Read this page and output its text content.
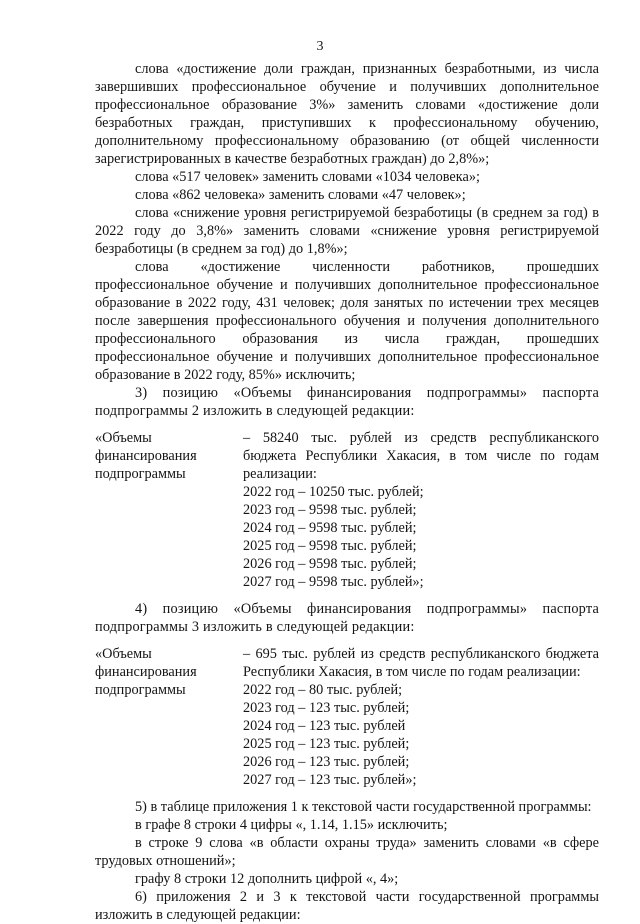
3

слова «достижение доли граждан, признанных безработными, из числа завершивших профессиональное обучение и получивших дополнительное профессиональное образование 3%» заменить словами «достижение доли безработных граждан, приступивших к профессиональному обучению, дополнительному профессиональному образованию (от общей численности зарегистрированных в качестве безработных граждан) до 2,8%»;

слова «517 человек» заменить словами «1034 человека»;

слова «862 человека» заменить словами «47 человек»;

слова «снижение уровня регистрируемой безработицы (в среднем за год) в 2022 году до 3,8%» заменить словами «снижение уровня регистрируемой безработицы (в среднем за год) до 1,8%»;

слова «достижение численности работников, прошедших профессиональное обучение и получивших дополнительное профессиональное образование в 2022 году, 431 человек; доля занятых по истечении трех месяцев после завершения профессионального обучения и получения дополнительного профессионального образования из числа граждан, прошедших профессиональное обучение и получивших дополнительное профессиональное образование в 2022 году, 85%» исключить;

3) позицию «Объемы финансирования подпрограммы» паспорта подпрограммы 2 изложить в следующей редакции:

«Объемы
финансирования
подпрограммы
– 58240 тыс. рублей из средств республиканского бюджета Республики Хакасия, в том числе по годам реализации:
2022 год – 10250 тыс. рублей;
2023 год – 9598 тыс. рублей;
2024 год – 9598 тыс. рублей;
2025 год – 9598 тыс. рублей;
2026 год – 9598 тыс. рублей;
2027 год – 9598 тыс. рублей»;

4) позицию «Объемы финансирования подпрограммы» паспорта подпрограммы 3 изложить в следующей редакции:

«Объемы
финансирования
подпрограммы
– 695 тыс. рублей из средств республиканского бюджета Республики Хакасия, в том числе по годам реализации:
2022 год – 80 тыс. рублей;
2023 год – 123 тыс. рублей;
2024 год – 123 тыс. рублей
2025 год – 123 тыс. рублей;
2026 год – 123 тыс. рублей;
2027 год – 123 тыс. рублей»;

5) в таблице приложения 1 к текстовой части государственной программы:

в графе 8 строки 4 цифры «, 1.14, 1.15» исключить;

в строке 9 слова «в области охраны труда» заменить словами «в сфере трудовых отношений»;

графу 8 строки 12 дополнить цифрой «, 4»;

6) приложения 2 и 3 к текстовой части государственной программы изложить в следующей редакции:
